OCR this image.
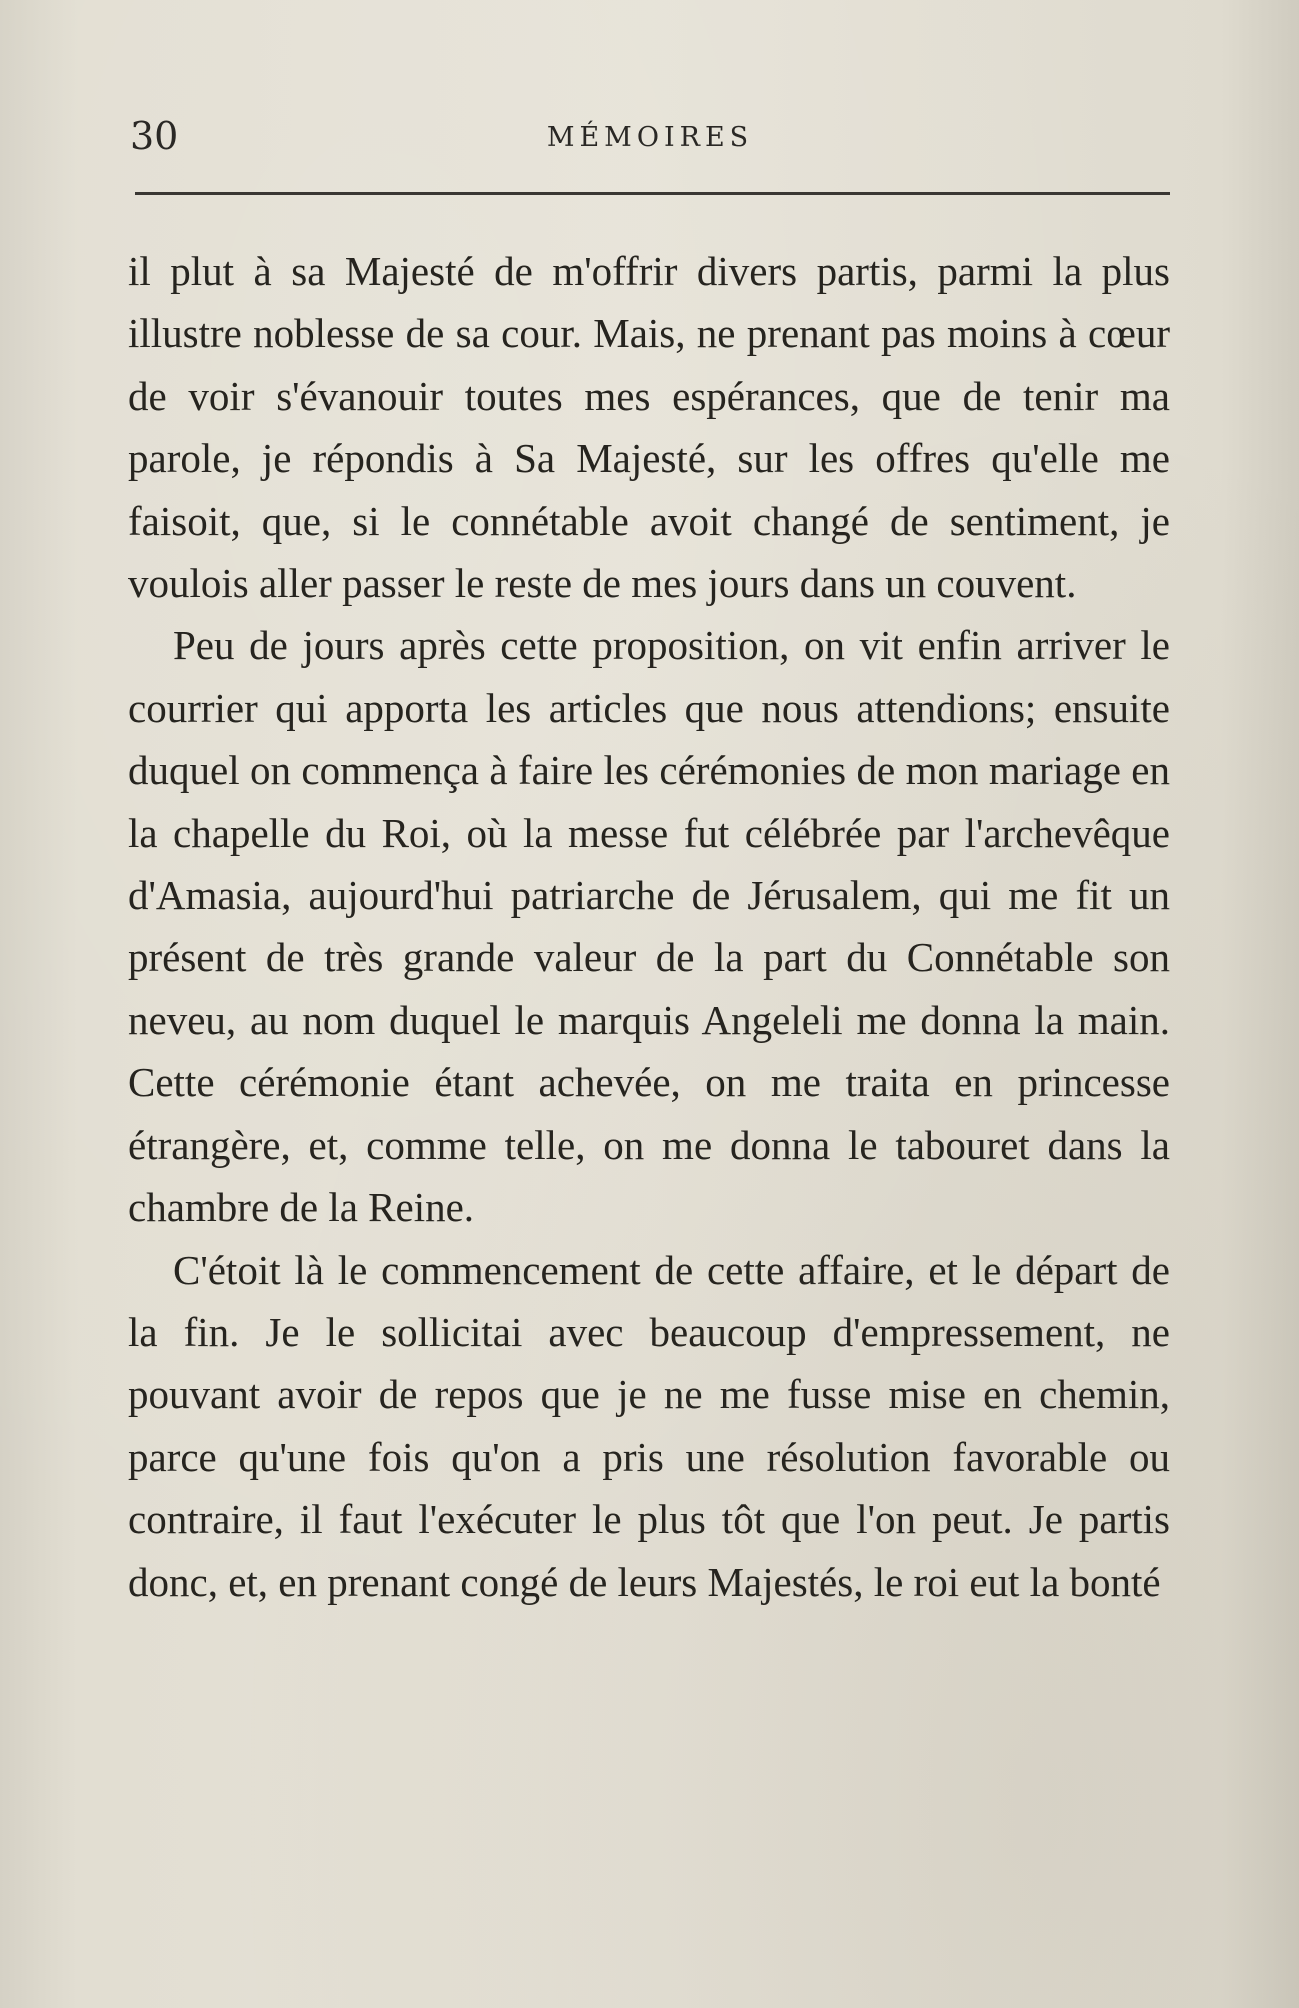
30	MÉMOIRES

il plut à sa Majesté de m'offrir divers partis, parmi la plus illustre noblesse de sa cour. Mais, ne prenant pas moins à cœur de voir s'évanouir toutes mes espérances, que de tenir ma parole, je répondis à Sa Majesté, sur les offres qu'elle me faisoit, que, si le connétable avoit changé de sentiment, je voulois aller passer le reste de mes jours dans un couvent.

Peu de jours après cette proposition, on vit enfin arriver le courrier qui apporta les articles que nous attendions; ensuite duquel on commença à faire les cérémonies de mon mariage en la chapelle du Roi, où la messe fut célébrée par l'archevêque d'Amasia, aujourd'hui patriarche de Jérusalem, qui me fit un présent de très grande valeur de la part du Connétable son neveu, au nom duquel le marquis Angeleli me donna la main. Cette cérémonie étant achevée, on me traita en princesse étrangère, et, comme telle, on me donna le tabouret dans la chambre de la Reine.

C'étoit là le commencement de cette affaire, et le départ de la fin. Je le sollicitai avec beaucoup d'empressement, ne pouvant avoir de repos que je ne me fusse mise en chemin, parce qu'une fois qu'on a pris une résolution favorable ou contraire, il faut l'exécuter le plus tôt que l'on peut. Je partis donc, et, en prenant congé de leurs Majestés, le roi eut la bonté
